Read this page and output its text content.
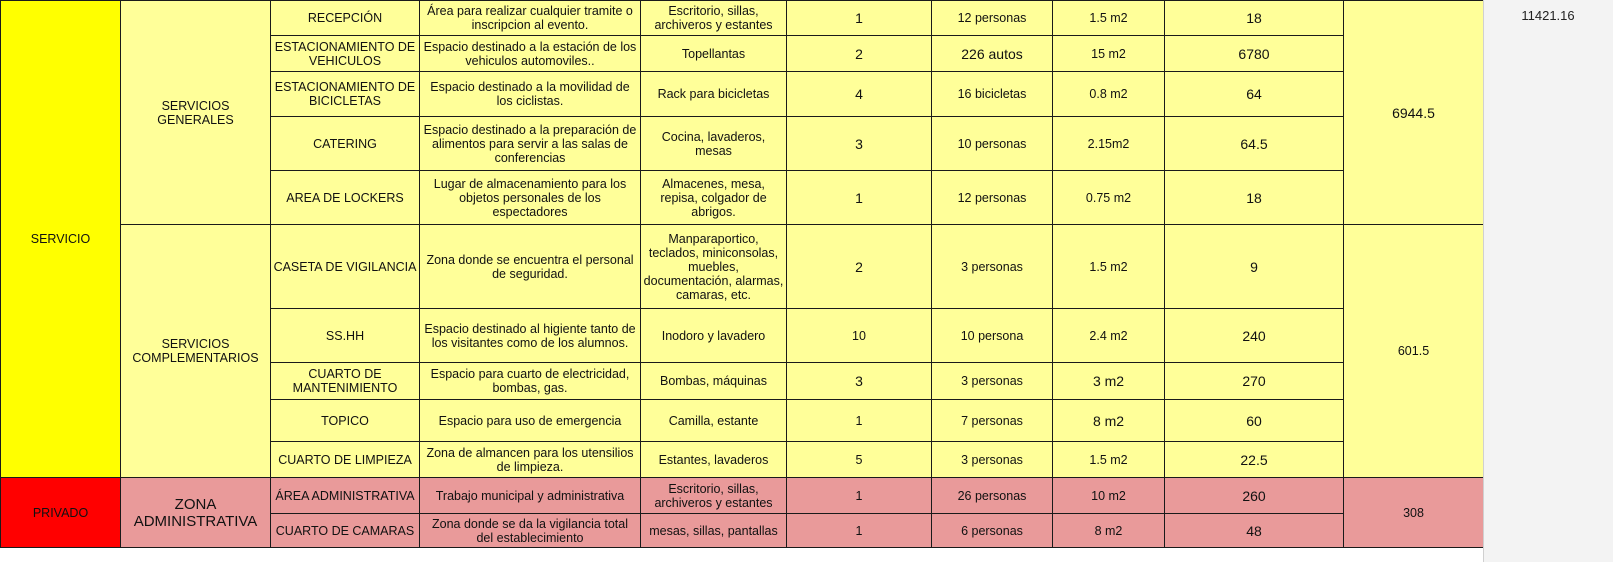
SERVICIO	SERVICIOS GENERALES	RECEPCIÓN	Área para realizar cualquier tramite o inscripcion al evento.	Escritorio, sillas, archiveros y estantes	1	12 personas	1.5 m2	18	6944.5
		ESTACIONAMIENTO DE VEHICULOS	Espacio destinado a la estación de los vehiculos automoviles..	Topellantas	2	226 autos	15 m2	6780	
		ESTACIONAMIENTO DE BICICLETAS	Espacio destinado a la movilidad de los ciclistas.	Rack para bicicletas	4	16 bicicletas	0.8 m2	64	
		CATERING	Espacio destinado a la preparación de alimentos para servir a las salas de conferencias	Cocina, lavaderos, mesas	3	10 personas	2.15m2	64.5	
		AREA DE LOCKERS	Lugar de almacenamiento para los objetos personales de los espectadores	Almacenes, mesa, repisa, colgador de abrigos.	1	12 personas	0.75 m2	18	
	SERVICIOS COMPLEMENTARIOS	CASETA DE VIGILANCIA	Zona donde se encuentra el personal de seguridad.	Manparaportico, teclados, miniconsolas, muebles, documentación, alarmas, camaras, etc.	2	3 personas	1.5 m2	9	601.5
		SS.HH	Espacio destinado al higiente tanto de los visitantes como de los alumnos.	Inodoro y lavadero	10	10 persona	2.4 m2	240	
		CUARTO DE MANTENIMIENTO	Espacio para cuarto de electricidad, bombas, gas.	Bombas, máquinas	3	3 personas	3 m2	270	
		TOPICO	Espacio para uso de emergencia	Camilla, estante	1	7 personas	8 m2	60	
		CUARTO DE LIMPIEZA	Zona de almancen para los utensilios de limpieza.	Estantes, lavaderos	5	3 personas	1.5 m2	22.5	
PRIVADO	ZONA ADMINISTRATIVA	ÁREA ADMINISTRATIVA	Trabajo municipal y administrativa	Escritorio, sillas, archiveros y estantes	1	26 personas	10 m2	260	308
		CUARTO DE CAMARAS	Zona donde se da la vigilancia total del establecimiento	mesas, sillas, pantallas	1	6 personas	8 m2	48	
11421.16
